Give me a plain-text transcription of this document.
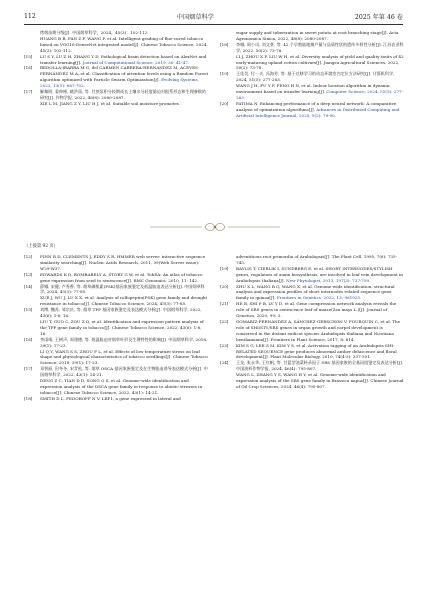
112	中国烟草科学	2025 年第 46 卷
烤烟苗期分级[J]. 中国烟草科学，2024，45(3)：102-112.
HUANG B R, FAN Z F, WANG F, et al. Intelligent grading of flue-cured tobacco based on VGG16-DenseNet integrated model[J]. Chinese Tobacco Science, 2024, 45(3): 102-112.
[15] LU S Y, LU Z H, ZHANG Y D. Pathological brain detection based on AlexNet and transfer learning[J]. Journal of Computational Science, 2019, 30: 41-47.
[16] BEDOLLA-IBARRA M G, del CARMEN CABRERA-HERNANDEZ M, ACEVES-FERNÁNDEZ M A, et al. Classification of attention levels using a Random Forest algorithm optimized with Particle Swarm Optimization[J]. Evolving Systems, 2022, 13(5): 687-702.
[17] 解黎明, 姜伸彬, 姚洪雨, 等. 甘蔗泵积分枝期成长土壤水分轻度胁迫对根系形态和生理参数的研究[J]. 作物学报, 2022, 48(8): 2080-2087.
XIE L M, JIANG Z Y, LIU H J, et al. Suitable soil moisture promotes
sugar supply and tuberization in sweet potato at root branching stage[J]. Acta Agronomica Sinica, 2022, 48(8): 2080-2087.
[18] 李娜, 周小凤, 刘文豪, 等. 42 个早熟陆地棉产量与品质性状的遗传多样性分析[J]. 江苏农业科学, 2022, 50(2): 73-78.
LI J, ZHOU X F, LIU W H, et al. Diversity analysis of yield and quality traits of 42 early-maturing upland cotton cultivars[J]. Jiangsu Agricultural Sciences, 2022, 50(2): 73-78.
[19] 王佳昊, 付一夫, 冯海芳, 等. 基于迁移学习的动态环境室内定位方法研究[J]. 计算机科学, 2024, 51(5): 277-283.
WANG J H, FU Y F, FENG H N, et al. Indoor location algorithm in dynamic environment based on transfer learning[J]. Computer Science, 2024, 51(5): 277-283.
[20] FATIMA N. Enhancing performance of a deep neural network: A comparative analysis of optimization algorithms[J]. Advances in Distributed Computing and Artificial Intelligence Journal, 2020, 9(2): 79-90.
（上接第 92 页）
[12] FINN R D, CLEMENTS J, EDDY S R. HMMER web server: interactive sequence similarity searching[J]. Nucleic Acids Research, 2011, 39(Web Server issue): W29-W37.
[13] EDWARDS K D, BOMBARELY A, STORY G W, et al. TobEA: An atlas of tobacco gene expression from seed to senescence[J]. BMC Genomics, 2010, 11: 142.
[14] 薛娜, 宋健, 卢秀香, 等. 烟草磷肌素(PSK)基因家族鉴定及低温胁迫表达分析[J]. 中国烟草科学, 2024, 45(3): 77-85.
XUE J, WU J, LU X X, et al. Analysis of rolfopeptin(PSK) gene family and drought resistance in tobacco[J]. Chinese Tobacco Science, 2024, 45(3): 77-85.
[15] 刘博, 魏苏, 邹宗庆, 等. 烟草 TPP 基因家族鉴定及表达模式分析[J]. 中国烟草科学, 2022, 43(6): 1-8, 16.
LIU T, GUO C, ZOU Z Q, et al. Identification and expression pattern analysis of the TPP gene family in tobacco[J]. Chinese Tobacco Science, 2022, 43(6): 1-8, 16.
[16] 李雨靖, 王树声, 周建德, 等. 低温胁迫对烟草叶形及生理特性的影响[J]. 中国烟草科学, 2018, 39(1): 17-23.
LI Q Y, WANG S S, ZHOU F L, et al. Effects of low temperature stress on leaf shape and physiological characteristics of tobacco seedlings[J]. Chinese Tobacco Science, 2018, 39(1): 17-23.
[17] 邓智丽, 田冬冬, 宋青松, 等. 烟草 OSCA 基因家族鉴定及在生物胁迫诱导表达模式分析[J]. 中国烟草科学, 2022, 43(1): 14-21.
DENG Z C, TIAN D D, SONG Q S, et al. Genome-wide identification and expression analysis of the OSCA gene family in response to abiotic stresses in tobacco[J]. Chinese Tobacco Science, 2022, 43(1): 14-21.
[18] SMITH D L, FEDOROFF N V. LRP1, a gene expressed in lateral and
adventitious root primordia of Arabidopsis[J]. The Plant Cell, 1995, 7(6): 735-745.
[19] BAYLIS T, CIERLIK I, SUNDBERG E, et al. SHORT INTERNODES/STYLISH genes, regulators of auxin biosynthesis, are involved in leaf vein development in Arabidopsis thaliana[J]. New Phytologist, 2013, 197(3): 737-750.
[20] ZHU X L, WANG B Q, WANG X, et al. Genome-wide identification, structural analysis and expression profiles of short internodes related sequence gene family in quinoa[J]. Frontiers in Genetics, 2022, 13: 961925.
[21] HE B, SHI P B, LV Y D, et al. Gene coexpression network analysis reveals the role of SRS genes in senescence leaf of maize(Zea mays L.)[J]. Journal of Genetics, 2020, 99: 3.
[22] GOMARIZ-FERNANDEZ A, SÁNCHEZ-GERSCHON V, FOURQUIN C, et al. The role of SHI/STY/SRS genes in organ growth and carpel development is conserved in the distant eudicot species Arabidopsis thaliana and Nicotiana benthamiana[J]. Frontiers in Plant Science, 2017, 8: 814.
[23] KIM S G, LEE S M, KIM Y S, et al. Activation tagging of an Arabidopsis SHI-RELATED SEQUENCE gene produces abnormal anther dehiscence and floral development[J]. Plant Molecular Biology, 2010, 74(4-5): 337-351.
[24] 王龙, 张永华, 王红帆, 等. 甘蓝型油菜转录因子 SRS 基因家族的全基因组鉴定及表达分析[J]. 中国油料作物学报, 2024, 46(4): 795-807.
WANG L, ZHANG Y S, WANG H Y, et al. Genome-wide identification and expression analysis of the SRS gene family in Brassica napus[J]. Chinese Journal of Oil Crop Sciences, 2024, 46(4): 795-807.
